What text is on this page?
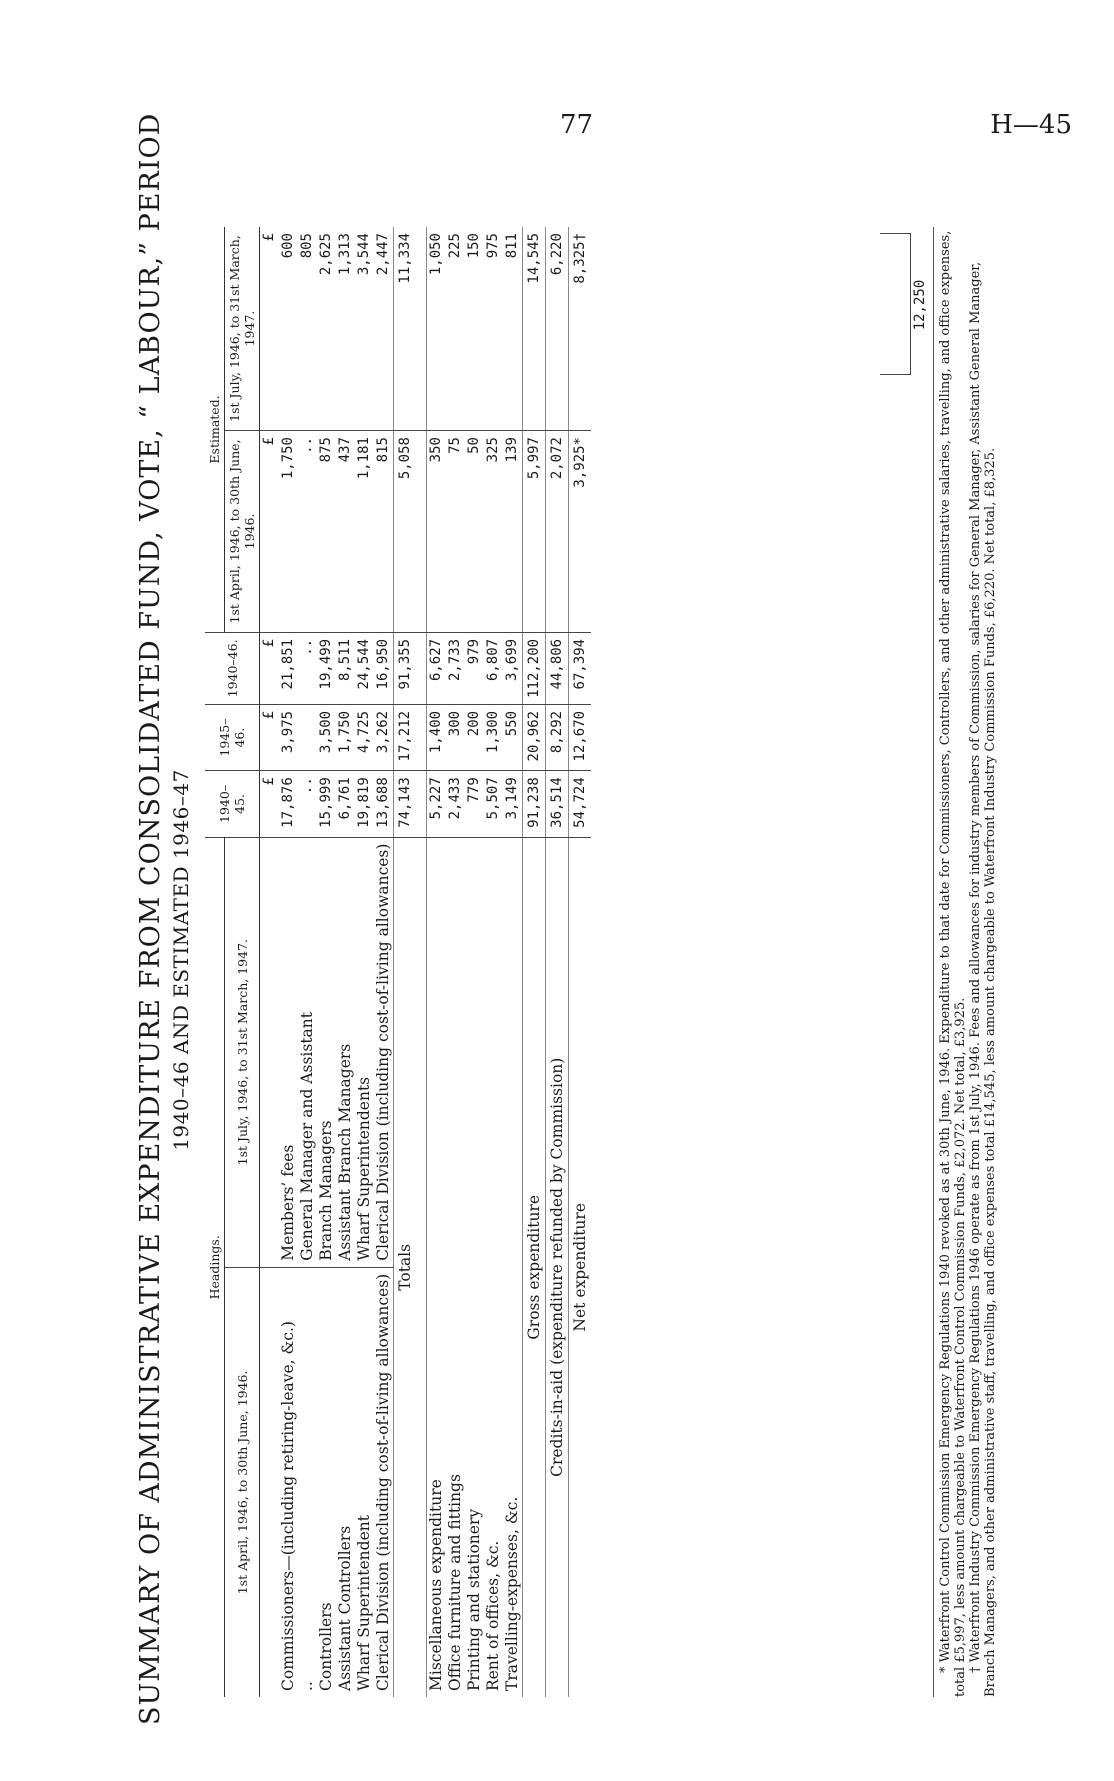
77	H—45
SUMMARY OF ADMINISTRATIVE EXPENDITURE FROM CONSOLIDATED FUND, VOTE, “ LABOUR,” PERIOD 1940–46 AND ESTIMATED 1946–47
Headings.		1940–45.	1945–46.	1940–46.	Estimated.	
1st April, 1946, to 30th June, 1946.	1st July, 1946, to 31st March, 1947.				1st April, 1946, to 30th June, 1946.	1st July, 1946, to 31st March, 1947.
		£	£	£	£	£
Commissioners—(including retiring-leave, &c.)	Members’ fees	17,876	3,975	21,851	1,750	600
..	General Manager and Assistant	..		..	..	805
Controllers	Branch Managers	15,999	3,500	19,499	875	2,625
Assistant Controllers	Assistant Branch Managers	6,761	1,750	8,511	437	1,313
Wharf Superintendent	Wharf Superintendents	19,819	4,725	24,544	1,181	3,544
Clerical Division (including cost-of-living allowances)	Clerical Division (including cost-of-living allowances)	13,688	3,262	16,950	815	2,447
Totals		74,143	17,212	91,355	5,058	11,334

Miscellaneous expenditure		5,227	1,400	6,627	350	1,050
Office furniture and fittings		2,433	300	2,733	75	225
Printing and stationery		779	200	979	50	150
Rent of offices, &c.		5,507	1,300	6,807	325	975
Travelling-expenses, &c.		3,149	550	3,699	139	811
Gross expenditure		91,238	20,962	112,200	5,997	14,545
Credits-in-aid (expenditure refunded by Commission)		36,514	8,292	44,806	2,072	6,220
Net expenditure		54,724	12,670	67,394	3,925*	8,325†
12,250 * Waterfront Control Commission Emergency Regulations 1940 revoked as at 30th June, 1946. Expenditure to that date for Commissioners, Controllers, and other administrative salaries, travelling, and office expenses, total £5,997, less amount chargeable to Waterfront Control Commission Funds, £2,072. Net total, £3,925. † Waterfront Industry Commission Emergency Regulations 1946 operate as from 1st July, 1946. Fees and allowances for industry members of Commission, salaries for General Manager, Assistant General Manager, Branch Managers, and other administrative staff, travelling, and office expenses total £14,545, less amount chargeable to Waterfront Industry Commission Funds, £6,220. Net total, £8,325.
